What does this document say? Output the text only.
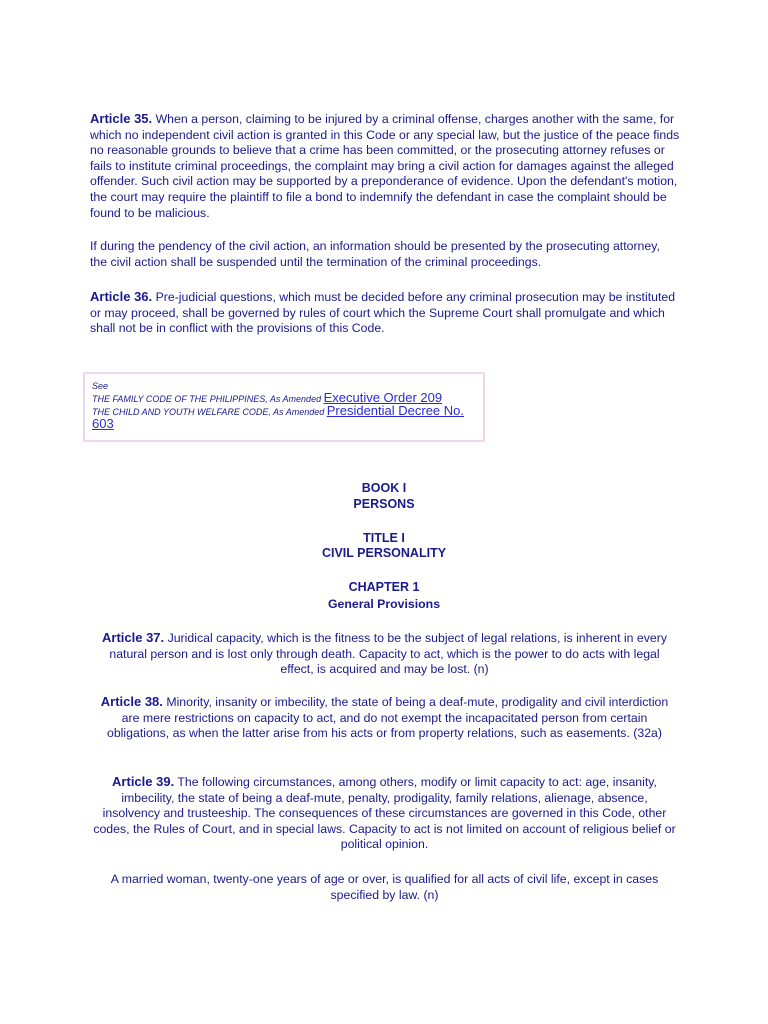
Article 35. When a person, claiming to be injured by a criminal offense, charges another with the same, for which no independent civil action is granted in this Code or any special law, but the justice of the peace finds no reasonable grounds to believe that a crime has been committed, or the prosecuting attorney refuses or fails to institute criminal proceedings, the complaint may bring a civil action for damages against the alleged offender. Such civil action may be supported by a preponderance of evidence. Upon the defendant's motion, the court may require the plaintiff to file a bond to indemnify the defendant in case the complaint should be found to be malicious.

If during the pendency of the civil action, an information should be presented by the prosecuting attorney, the civil action shall be suspended until the termination of the criminal proceedings.

Article 36. Pre-judicial questions, which must be decided before any criminal prosecution may be instituted or may proceed, shall be governed by rules of court which the Supreme Court shall promulgate and which shall not be in conflict with the provisions of this Code.

See
THE FAMILY CODE OF THE PHILIPPINES, As Amended Executive Order 209
THE CHILD AND YOUTH WELFARE CODE, As Amended Presidential Decree No. 603

BOOK I

PERSONS

TITLE I

CIVIL PERSONALITY

CHAPTER 1

General Provisions

Article 37. Juridical capacity, which is the fitness to be the subject of legal relations, is inherent in every natural person and is lost only through death. Capacity to act, which is the power to do acts with legal effect, is acquired and may be lost. (n)

Article 38. Minority, insanity or imbecility, the state of being a deaf-mute, prodigality and civil interdiction are mere restrictions on capacity to act, and do not exempt the incapacitated person from certain obligations, as when the latter arise from his acts or from property relations, such as easements. (32a)

Article 39. The following circumstances, among others, modify or limit capacity to act: age, insanity, imbecility, the state of being a deaf-mute, penalty, prodigality, family relations, alienage, absence, insolvency and trusteeship. The consequences of these circumstances are governed in this Code, other codes, the Rules of Court, and in special laws. Capacity to act is not limited on account of religious belief or political opinion.

A married woman, twenty-one years of age or over, is qualified for all acts of civil life, except in cases specified by law. (n)
